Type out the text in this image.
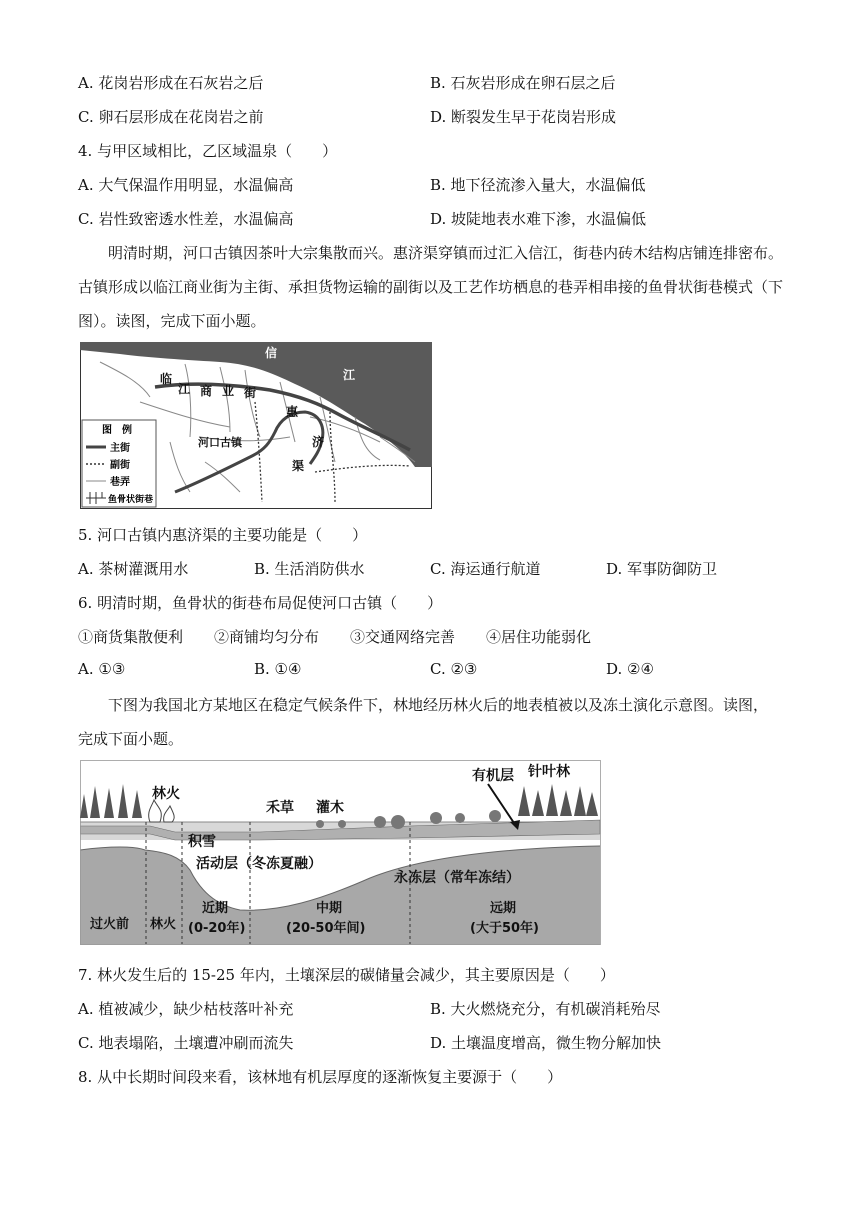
A. 花岗岩形成在石灰岩之后	B. 石灰岩形成在卵石层之后
C. 卵石层形成在花岗岩之前	D. 断裂发生早于花岗岩形成
4. 与甲区域相比，乙区域温泉（　　）
A. 大气保温作用明显，水温偏高	B. 地下径流渗入量大，水温偏低
C. 岩性致密透水性差，水温偏高	D. 坡陡地表水难下渗，水温偏低
明清时期，河口古镇因茶叶大宗集散而兴。惠济渠穿镇而过汇入信江，街巷内砖木结构店铺连排密布。
古镇形成以临江商业街为主街、承担货物运输的副街以及工艺作坊栖息的巷弄相串接的鱼骨状街巷模式（下
图）。读图，完成下面小题。
信
江
临
江 商 业 街
惠
济
渠
河口古镇
图　例
主街
副街
巷弄
鱼骨状街巷
5. 河口古镇内惠济渠的主要功能是（　　）
A. 茶树灌溉用水	B. 生活消防供水	C. 海运通行航道	D. 军事防御防卫
6. 明清时期，鱼骨状的街巷布局促使河口古镇（　　）
①商货集散便利 ②商铺均匀分布 ③交通网络完善 ④居住功能弱化
A. ①③	B. ①④	C. ②③	D. ②④
下图为我国北方某地区在稳定气候条件下，林地经历林火后的地表植被以及冻土演化示意图。读图，
完成下面小题。
林火
积雪
禾草 灌木
有机层 针叶林
活动层（冬冻夏融）
永冻层（常年冻结）
过火前 林火
近期
(0-20年)
中期
(20-50年间)
远期
(大于50年)
7. 林火发生后的 15-25 年内，土壤深层的碳储量会减少，其主要原因是（　　）
A. 植被减少，缺少枯枝落叶补充	B. 大火燃烧充分，有机碳消耗殆尽
C. 地表塌陷，土壤遭冲刷而流失	D. 土壤温度增高，微生物分解加快
8. 从中长期时间段来看，该林地有机层厚度的逐渐恢复主要源于（　　）
